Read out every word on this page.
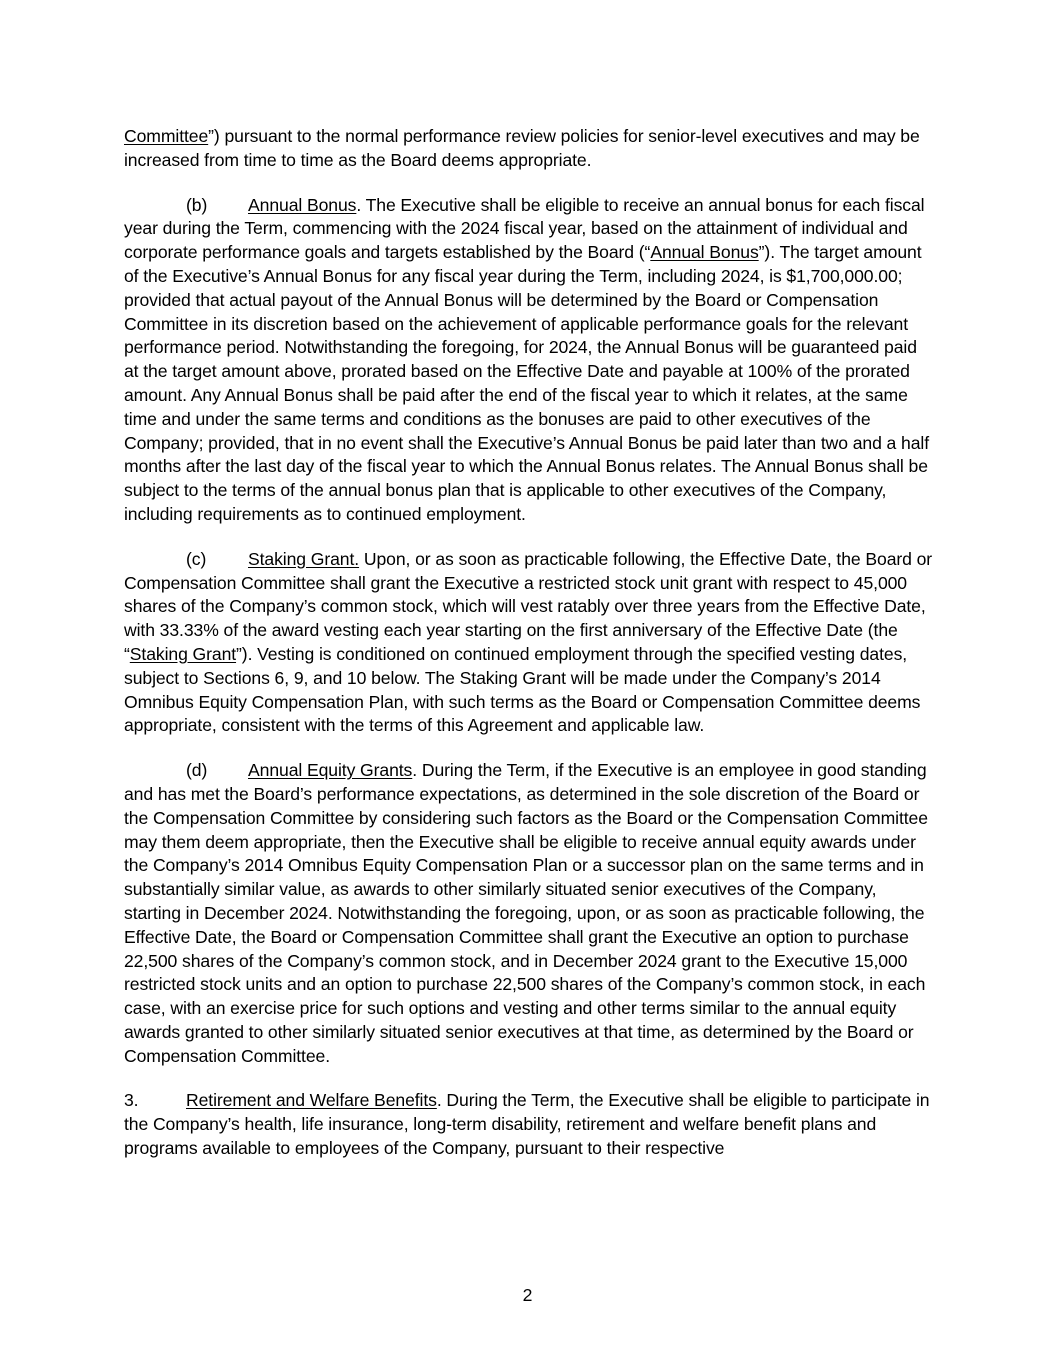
Committee”) pursuant to the normal performance review policies for senior-level executives and may be increased from time to time as the Board deems appropriate.

(b) Annual Bonus. The Executive shall be eligible to receive an annual bonus for each fiscal year during the Term, commencing with the 2024 fiscal year, based on the attainment of individual and corporate performance goals and targets established by the Board (“Annual Bonus”). The target amount of the Executive’s Annual Bonus for any fiscal year during the Term, including 2024, is $1,700,000.00; provided that actual payout of the Annual Bonus will be determined by the Board or Compensation Committee in its discretion based on the achievement of applicable performance goals for the relevant performance period. Notwithstanding the foregoing, for 2024, the Annual Bonus will be guaranteed paid at the target amount above, prorated based on the Effective Date and payable at 100% of the prorated amount. Any Annual Bonus shall be paid after the end of the fiscal year to which it relates, at the same time and under the same terms and conditions as the bonuses are paid to other executives of the Company; provided, that in no event shall the Executive’s Annual Bonus be paid later than two and a half months after the last day of the fiscal year to which the Annual Bonus relates. The Annual Bonus shall be subject to the terms of the annual bonus plan that is applicable to other executives of the Company, including requirements as to continued employment.

(c) Staking Grant. Upon, or as soon as practicable following, the Effective Date, the Board or Compensation Committee shall grant the Executive a restricted stock unit grant with respect to 45,000 shares of the Company’s common stock, which will vest ratably over three years from the Effective Date, with 33.33% of the award vesting each year starting on the first anniversary of the Effective Date (the “Staking Grant”). Vesting is conditioned on continued employment through the specified vesting dates, subject to Sections 6, 9, and 10 below. The Staking Grant will be made under the Company’s 2014 Omnibus Equity Compensation Plan, with such terms as the Board or Compensation Committee deems appropriate, consistent with the terms of this Agreement and applicable law.

(d) Annual Equity Grants. During the Term, if the Executive is an employee in good standing and has met the Board’s performance expectations, as determined in the sole discretion of the Board or the Compensation Committee by considering such factors as the Board or the Compensation Committee may them deem appropriate, then the Executive shall be eligible to receive annual equity awards under the Company’s 2014 Omnibus Equity Compensation Plan or a successor plan on the same terms and in substantially similar value, as awards to other similarly situated senior executives of the Company, starting in December 2024. Notwithstanding the foregoing, upon, or as soon as practicable following, the Effective Date, the Board or Compensation Committee shall grant the Executive an option to purchase 22,500 shares of the Company’s common stock, and in December 2024 grant to the Executive 15,000 restricted stock units and an option to purchase 22,500 shares of the Company’s common stock, in each case, with an exercise price for such options and vesting and other terms similar to the annual equity awards granted to other similarly situated senior executives at that time, as determined by the Board or Compensation Committee.

3.	Retirement and Welfare Benefits. During the Term, the Executive shall be eligible to participate in the Company’s health, life insurance, long-term disability, retirement and welfare benefit plans and programs available to employees of the Company, pursuant to their respective

2
